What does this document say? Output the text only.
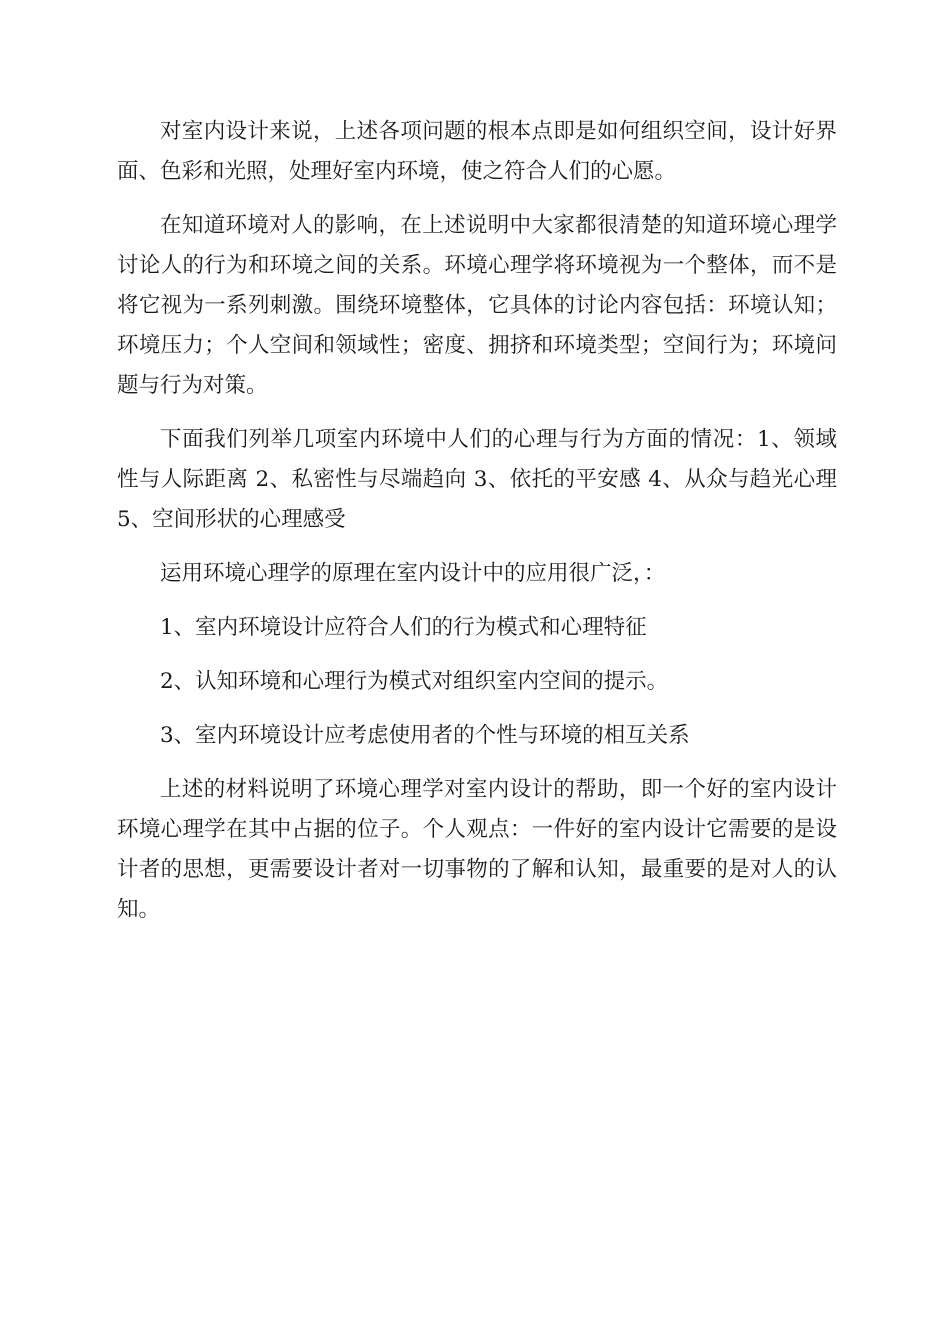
对室内设计来说，上述各项问题的根本点即是如何组织空间，设计好界面、色彩和光照，处理好室内环境，使之符合人们的心愿。

在知道环境对人的影响，在上述说明中大家都很清楚的知道环境心理学讨论人的行为和环境之间的关系。环境心理学将环境视为一个整体，而不是将它视为一系列刺激。围绕环境整体，它具体的讨论内容包括：环境认知；环境压力；个人空间和领域性；密度、拥挤和环境类型；空间行为；环境问题与行为对策。

下面我们列举几项室内环境中人们的心理与行为方面的情况：1、领域性与人际距离 2、私密性与尽端趋向 3、依托的平安感 4、从众与趋光心理 5、空间形状的心理感受

运用环境心理学的原理在室内设计中的应用很广泛，：

1、室内环境设计应符合人们的行为模式和心理特征

2、认知环境和心理行为模式对组织室内空间的提示。

3、室内环境设计应考虑使用者的个性与环境的相互关系

上述的材料说明了环境心理学对室内设计的帮助，即一个好的室内设计环境心理学在其中占据的位子。个人观点：一件好的室内设计它需要的是设计者的思想，更需要设计者对一切事物的了解和认知，最重要的是对人的认知。
